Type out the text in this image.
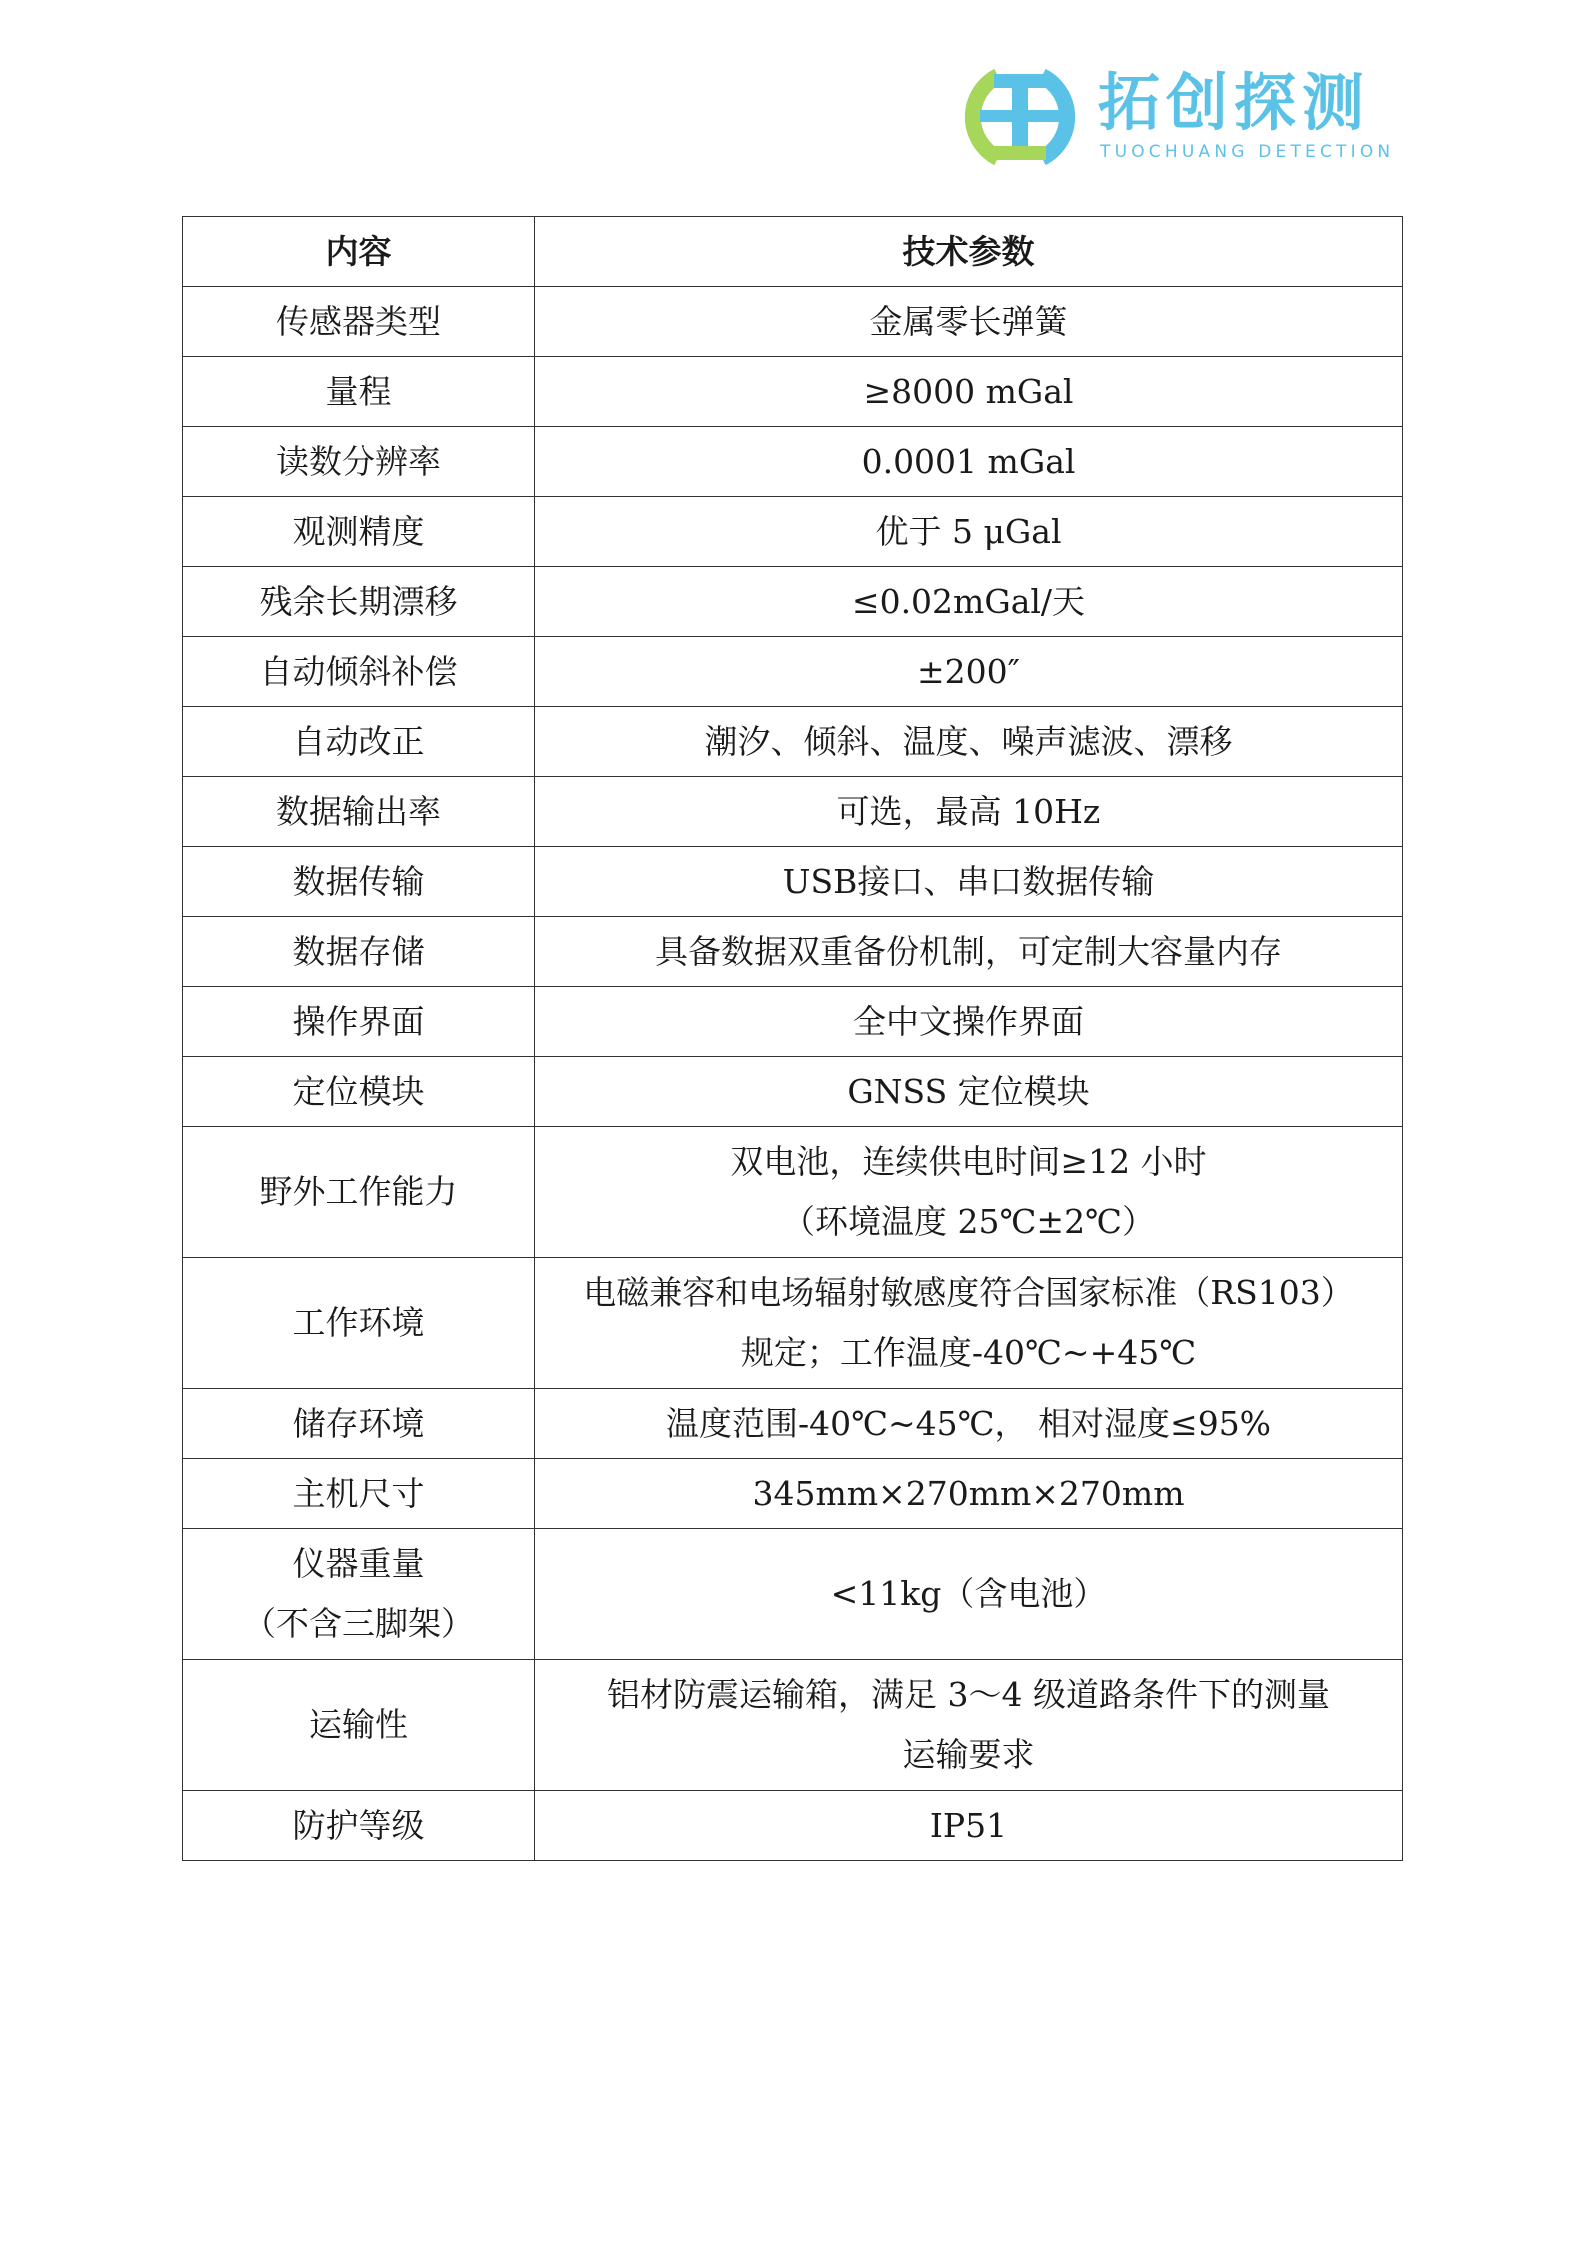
拓创探测
TUOCHUANG DETECTION
内容	技术参数
传感器类型	金属零长弹簧
量程	≥8000 mGal
读数分辨率	0.0001 mGal
观测精度	优于 5 μGal
残余长期漂移	≤0.02mGal/天
自动倾斜补偿	±200″
自动改正	潮汐、倾斜、温度、噪声滤波、漂移
数据输出率	可选，最高 10Hz
数据传输	USB接口、串口数据传输
数据存储	具备数据双重备份机制，可定制大容量内存
操作界面	全中文操作界面
定位模块	GNSS 定位模块
野外工作能力	双电池，连续供电时间≥12 小时
（环境温度 25℃±2℃）

工作环境	电磁兼容和电场辐射敏感度符合国家标准（RS103）
规定；工作温度-40℃~+45℃

储存环境	温度范围-40℃~45℃， 相对湿度≤95%
主机尺寸	345mm×270mm×270mm

仪器重量
（不含三脚架）	<11kg（含电池）
运输性	铝材防震运输箱，满足 3～4 级道路条件下的测量
运输要求

防护等级	IP51
